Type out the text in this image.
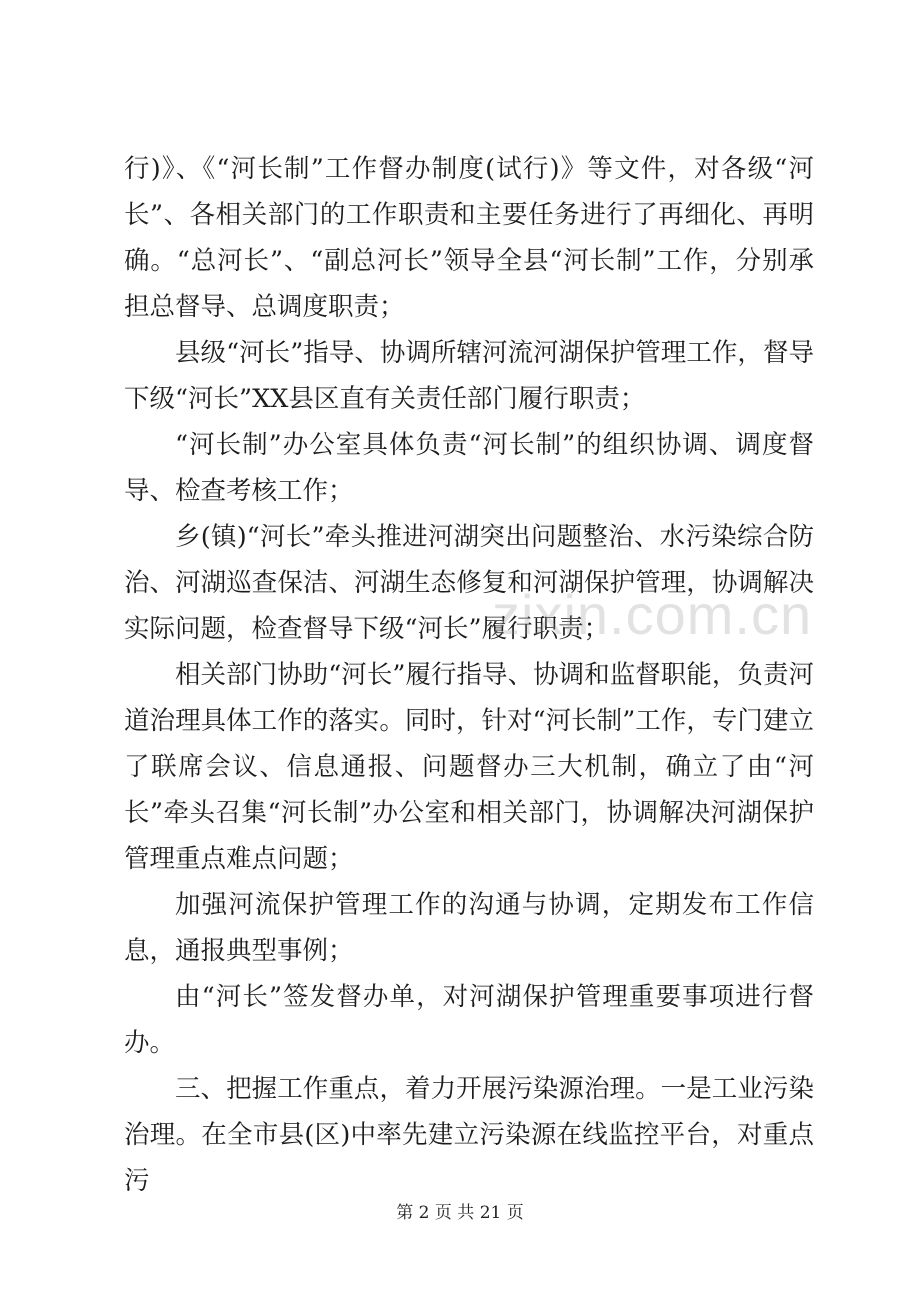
行)》、《“河长制”工作督办制度(试行)》等文件，对各级“河长”、各相关部门的工作职责和主要任务进行了再细化、再明确。“总河长”、“副总河长”领导全县“河长制”工作，分别承担总督导、总调度职责；

县级“河长”指导、协调所辖河流河湖保护管理工作，督导下级“河长”XX县区直有关责任部门履行职责；

“河长制”办公室具体负责“河长制”的组织协调、调度督导、检查考核工作；

乡(镇)“河长”牵头推进河湖突出问题整治、水污染综合防治、河湖巡查保洁、河湖生态修复和河湖保护管理，协调解决实际问题，检查督导下级“河长”履行职责；

相关部门协助“河长”履行指导、协调和监督职能，负责河道治理具体工作的落实。同时，针对“河长制”工作，专门建立了联席会议、信息通报、问题督办三大机制，确立了由“河长”牵头召集“河长制”办公室和相关部门，协调解决河湖保护管理重点难点问题；

加强河流保护管理工作的沟通与协调，定期发布工作信息，通报典型事例；

由“河长”签发督办单，对河湖保护管理重要事项进行督办。

三、把握工作重点，着力开展污染源治理。一是工业污染治理。在全市县(区)中率先建立污染源在线监控平台，对重点污

zixin.com.cn
第 2 页 共 21 页
